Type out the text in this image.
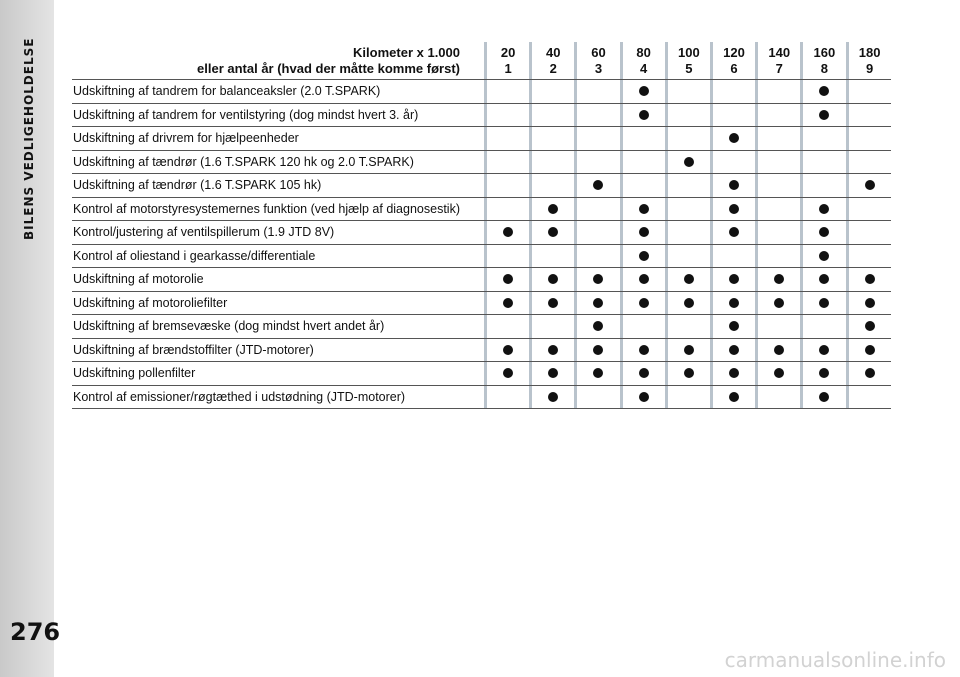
BILENS VEDLIGEHOLDELSE
276
Kilometer x 1.000
eller antal år (hvad der måtte komme først)
20
1
40
2
60
3
80
4
100
5
120
6
140
7
160
8
180
9
Udskiftning af tandrem for balanceaksler (2.0 T.SPARK)
Udskiftning af tandrem for ventilstyring (dog mindst hvert 3. år)
Udskiftning af drivrem for hjælpeenheder
Udskiftning af tændrør (1.6 T.SPARK 120 hk og 2.0 T.SPARK)
Udskiftning af tændrør (1.6 T.SPARK 105 hk)
Kontrol af motorstyresystemernes funktion (ved hjælp af diagnosestik)
Kontrol/justering af ventilspillerum (1.9 JTD 8V)
Kontrol af oliestand i gearkasse/differentiale
Udskiftning af motorolie
Udskiftning af motoroliefilter
Udskiftning af bremsevæske (dog mindst hvert andet år)
Udskiftning af brændstoffilter (JTD-motorer)
Udskiftning pollenfilter
Kontrol af emissioner/røgtæthed i udstødning (JTD-motorer)
carmanualsonline.info
